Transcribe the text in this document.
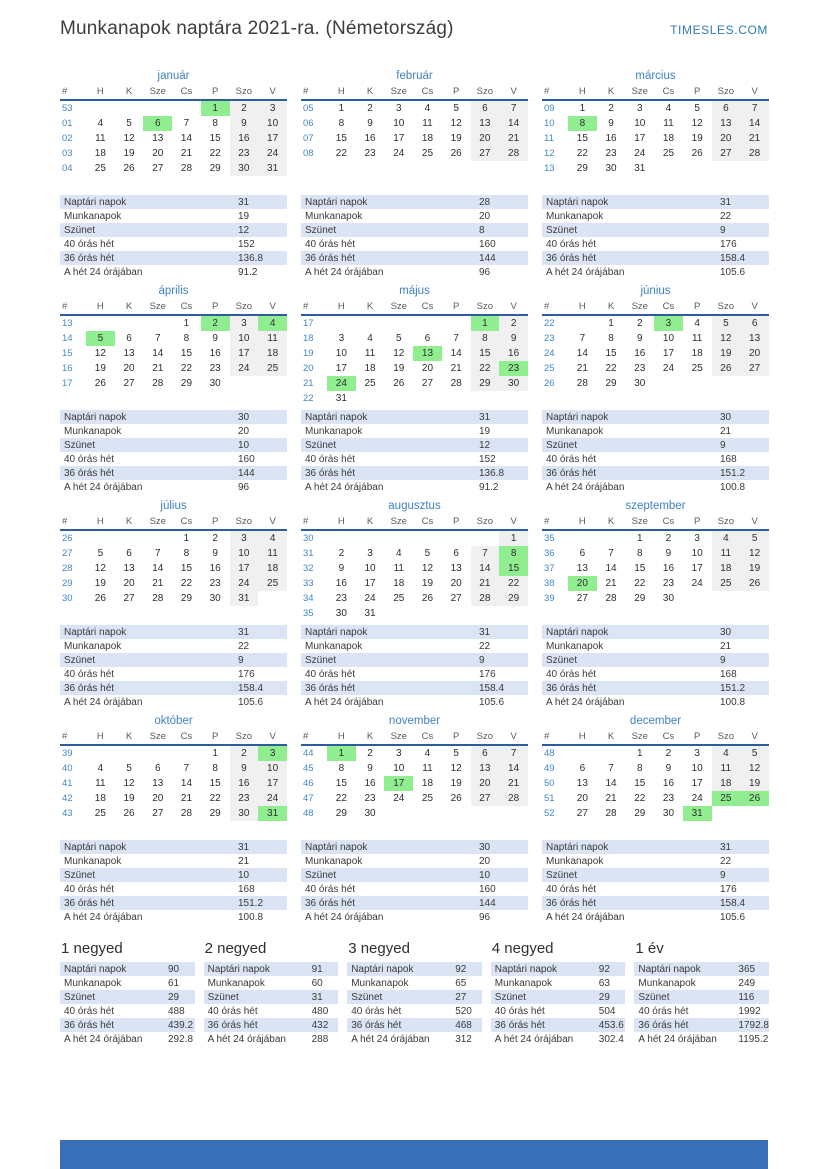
Munkanapok naptára 2021-ra. (Németország)	TIMESLES.COM
január
#	H	K	Sze	Cs	P	Szo	V
53					1	2	3
01	4	5	6	7	8	9	10
02	11	12	13	14	15	16	17
03	18	19	20	21	22	23	24
04	25	26	27	28	29	30	31
Naptári napok	31
Munkanapok	19
Szünet	12
40 órás hét	152
36 órás hét	136.8
A hét 24 órájában	91.2
február
#	H	K	Sze	Cs	P	Szo	V
05	1	2	3	4	5	6	7
06	8	9	10	11	12	13	14
07	15	16	17	18	19	20	21
08	22	23	24	25	26	27	28
Naptári napok	28
Munkanapok	20
Szünet	8
40 órás hét	160
36 órás hét	144
A hét 24 órájában	96
március
#	H	K	Sze	Cs	P	Szo	V
09	1	2	3	4	5	6	7
10	8	9	10	11	12	13	14
11	15	16	17	18	19	20	21
12	22	23	24	25	26	27	28
13	29	30	31				
Naptári napok	31
Munkanapok	22
Szünet	9
40 órás hét	176
36 órás hét	158.4
A hét 24 órájában	105.6
április
#	H	K	Sze	Cs	P	Szo	V
13				1	2	3	4
14	5	6	7	8	9	10	11
15	12	13	14	15	16	17	18
16	19	20	21	22	23	24	25
17	26	27	28	29	30		
Naptári napok	30
Munkanapok	20
Szünet	10
40 órás hét	160
36 órás hét	144
A hét 24 órájában	96
május
#	H	K	Sze	Cs	P	Szo	V
17						1	2
18	3	4	5	6	7	8	9
19	10	11	12	13	14	15	16
20	17	18	19	20	21	22	23
21	24	25	26	27	28	29	30
22	31						
Naptári napok	31
Munkanapok	19
Szünet	12
40 órás hét	152
36 órás hét	136.8
A hét 24 órájában	91.2
június
#	H	K	Sze	Cs	P	Szo	V
22		1	2	3	4	5	6
23	7	8	9	10	11	12	13
24	14	15	16	17	18	19	20
25	21	22	23	24	25	26	27
26	28	29	30				
Naptári napok	30
Munkanapok	21
Szünet	9
40 órás hét	168
36 órás hét	151.2
A hét 24 órájában	100.8
július
#	H	K	Sze	Cs	P	Szo	V
26				1	2	3	4
27	5	6	7	8	9	10	11
28	12	13	14	15	16	17	18
29	19	20	21	22	23	24	25
30	26	27	28	29	30	31	
Naptári napok	31
Munkanapok	22
Szünet	9
40 órás hét	176
36 órás hét	158.4
A hét 24 órájában	105.6
augusztus
#	H	K	Sze	Cs	P	Szo	V
30							1
31	2	3	4	5	6	7	8
32	9	10	11	12	13	14	15
33	16	17	18	19	20	21	22
34	23	24	25	26	27	28	29
35	30	31					
Naptári napok	31
Munkanapok	22
Szünet	9
40 órás hét	176
36 órás hét	158.4
A hét 24 órájában	105.6
szeptember
#	H	K	Sze	Cs	P	Szo	V
35			1	2	3	4	5
36	6	7	8	9	10	11	12
37	13	14	15	16	17	18	19
38	20	21	22	23	24	25	26
39	27	28	29	30			
Naptári napok	30
Munkanapok	21
Szünet	9
40 órás hét	168
36 órás hét	151.2
A hét 24 órájában	100.8
október
#	H	K	Sze	Cs	P	Szo	V
39					1	2	3
40	4	5	6	7	8	9	10
41	11	12	13	14	15	16	17
42	18	19	20	21	22	23	24
43	25	26	27	28	29	30	31
Naptári napok	31
Munkanapok	21
Szünet	10
40 órás hét	168
36 órás hét	151.2
A hét 24 órájában	100.8
november
#	H	K	Sze	Cs	P	Szo	V
44	1	2	3	4	5	6	7
45	8	9	10	11	12	13	14
46	15	16	17	18	19	20	21
47	22	23	24	25	26	27	28
48	29	30					
Naptári napok	30
Munkanapok	20
Szünet	10
40 órás hét	160
36 órás hét	144
A hét 24 órájában	96
december
#	H	K	Sze	Cs	P	Szo	V
48			1	2	3	4	5
49	6	7	8	9	10	11	12
50	13	14	15	16	17	18	19
51	20	21	22	23	24	25	26
52	27	28	29	30	31		
Naptári napok	31
Munkanapok	22
Szünet	9
40 órás hét	176
36 órás hét	158.4
A hét 24 órájában	105.6
1 negyed
Naptári napok	90
Munkanapok	61
Szünet	29
40 órás hét	488
36 órás hét	439.2
A hét 24 órájában	292.8
2 negyed
Naptári napok	91
Munkanapok	60
Szünet	31
40 órás hét	480
36 órás hét	432
A hét 24 órájában	288
3 negyed
Naptári napok	92
Munkanapok	65
Szünet	27
40 órás hét	520
36 órás hét	468
A hét 24 órájában	312
4 negyed
Naptári napok	92
Munkanapok	63
Szünet	29
40 órás hét	504
36 órás hét	453.6
A hét 24 órájában	302.4
1 év
Naptári napok	365
Munkanapok	249
Szünet	116
40 órás hét	1992
36 órás hét	1792.8
A hét 24 órájában	1195.2
